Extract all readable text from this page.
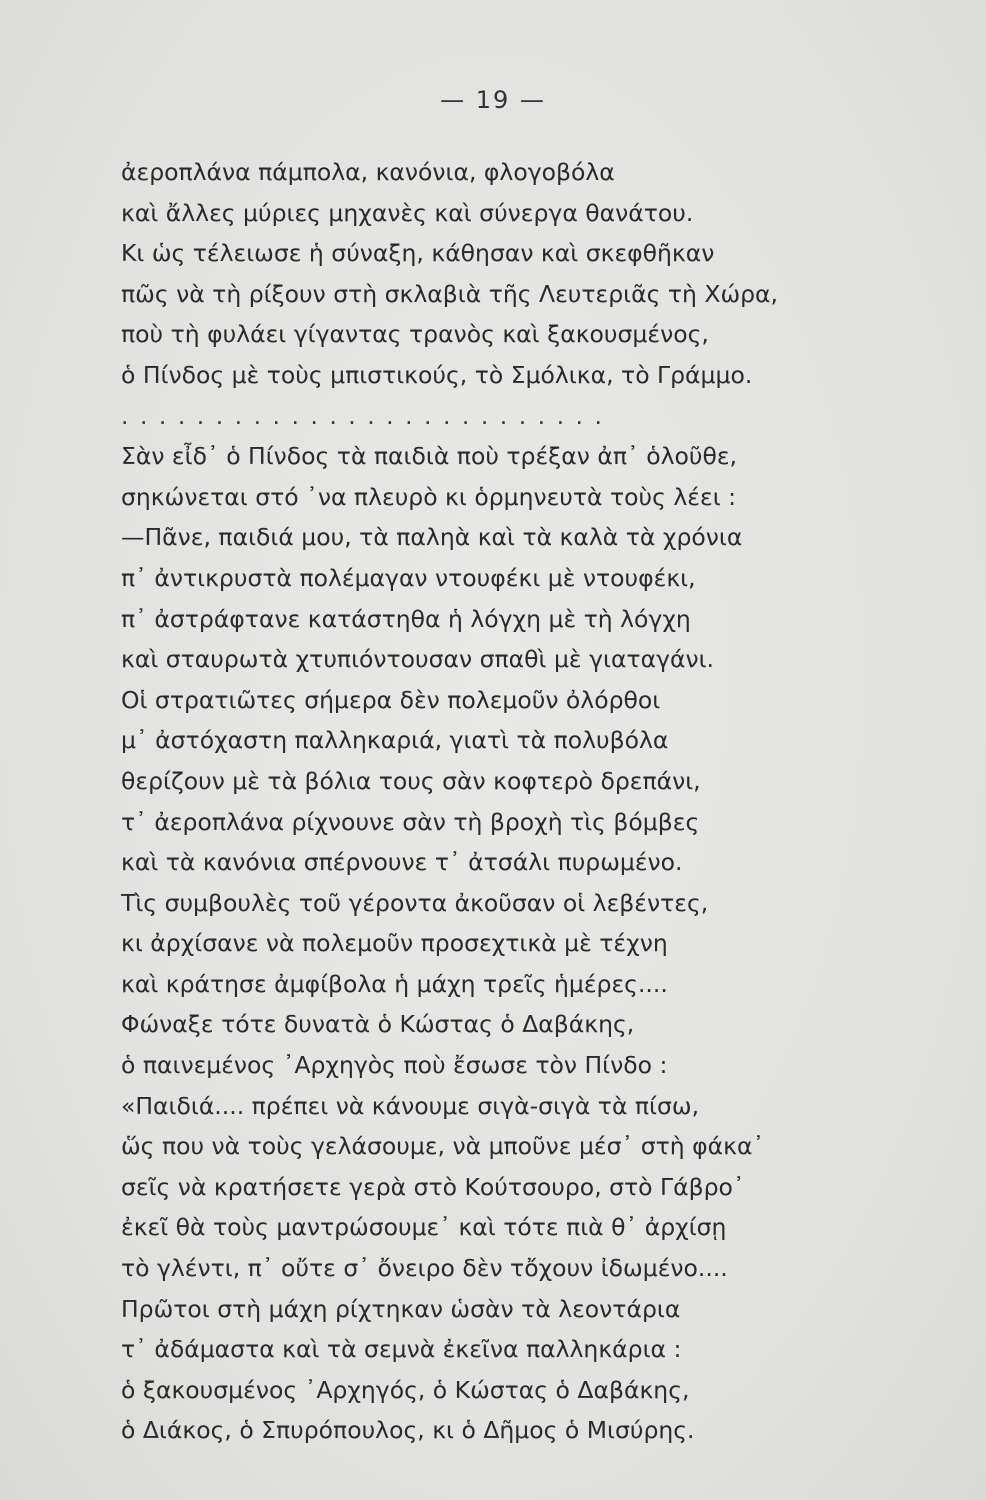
— 19 —
ἀεροπλάνα πάμπολα, κανόνια, φλογοβόλα
καὶ ἄλλες μύριες μηχανὲς καὶ σύνεργα θανάτου.
Κι ὡς τέλειωσε ἡ σύναξη, κάθησαν καὶ σκεφθῆκαν
πῶς νὰ τὴ ρίξουν στὴ σκλαβιὰ τῆς Λευτεριᾶς τὴ Χώρα,
ποὺ τὴ φυλάει γίγαντας τρανὸς καὶ ξακουσμένος,
ὁ Πίνδος μὲ τοὺς μπιστικούς, τὸ Σμόλικα, τὸ Γράμμο.
. . . . . . . . . . . . . . . . . . . . . . . . . .
Σὰν εἶδ᾽ ὁ Πίνδος τὰ παιδιὰ ποὺ τρέξαν ἀπ᾽ ὁλοῦθε,
σηκώνεται στό ᾽να πλευρὸ κι ὁρμηνευτὰ τοὺς λέει :
—Πᾶνε, παιδιά μου, τὰ παληὰ καὶ τὰ καλὰ τὰ χρόνια
π᾽ ἀντικρυστὰ πολέμαγαν ντουφέκι μὲ ντουφέκι,
π᾽ ἀστράφτανε κατάστηθα ἡ λόγχη μὲ τὴ λόγχη
καὶ σταυρωτὰ χτυπιόντουσαν σπαθὶ μὲ γιαταγάνι.
Οἱ στρατιῶτες σήμερα δὲν πολεμοῦν ὀλόρθοι
μ᾽ ἀστόχαστη παλληκαριά, γιατὶ τὰ πολυβόλα
θερίζουν μὲ τὰ βόλια τους σὰν κοφτερὸ δρεπάνι,
τ᾽ ἀεροπλάνα ρίχνουνε σὰν τὴ βροχὴ τὶς βόμβες
καὶ τὰ κανόνια σπέρνουνε τ᾽ ἀτσάλι πυρωμένο.
Τὶς συμβουλὲς τοῦ γέροντα ἀκοῦσαν οἱ λεβέντες,
κι ἀρχίσανε νὰ πολεμοῦν προσεχτικὰ μὲ τέχνη
καὶ κράτησε ἀμφίβολα ἡ μάχη τρεῖς ἡμέρες....
Φώναξε τότε δυνατὰ ὁ Κώστας ὁ Δαβάκης,
ὁ παινεμένος ᾽Αρχηγὸς ποὺ ἔσωσε τὸν Πίνδο :
«Παιδιά.... πρέπει νὰ κάνουμε σιγὰ-σιγὰ τὰ πίσω,
ὥς που νὰ τοὺς γελάσουμε, νὰ μποῦνε μέσ᾽ στὴ φάκα᾽
σεῖς νὰ κρατήσετε γερὰ στὸ Κούτσουρο, στὸ Γάβρο᾽
ἐκεῖ θὰ τοὺς μαντρώσουμε᾽ καὶ τότε πιὰ θ᾽ ἀρχίσῃ
τὸ γλέντι, π᾽ οὔτε σ᾽ ὄνειρο δὲν τὄχουν ἰδωμένο....
Πρῶτοι στὴ μάχη ρίχτηκαν ὡσὰν τὰ λεοντάρια
τ᾽ ἀδάμαστα καὶ τὰ σεμνὰ ἐκεῖνα παλληκάρια :
ὁ ξακουσμένος ᾽Αρχηγός, ὁ Κώστας ὁ Δαβάκης,
ὁ Διάκος, ὁ Σπυρόπουλος, κι ὁ Δῆμος ὁ Μισύρης.
